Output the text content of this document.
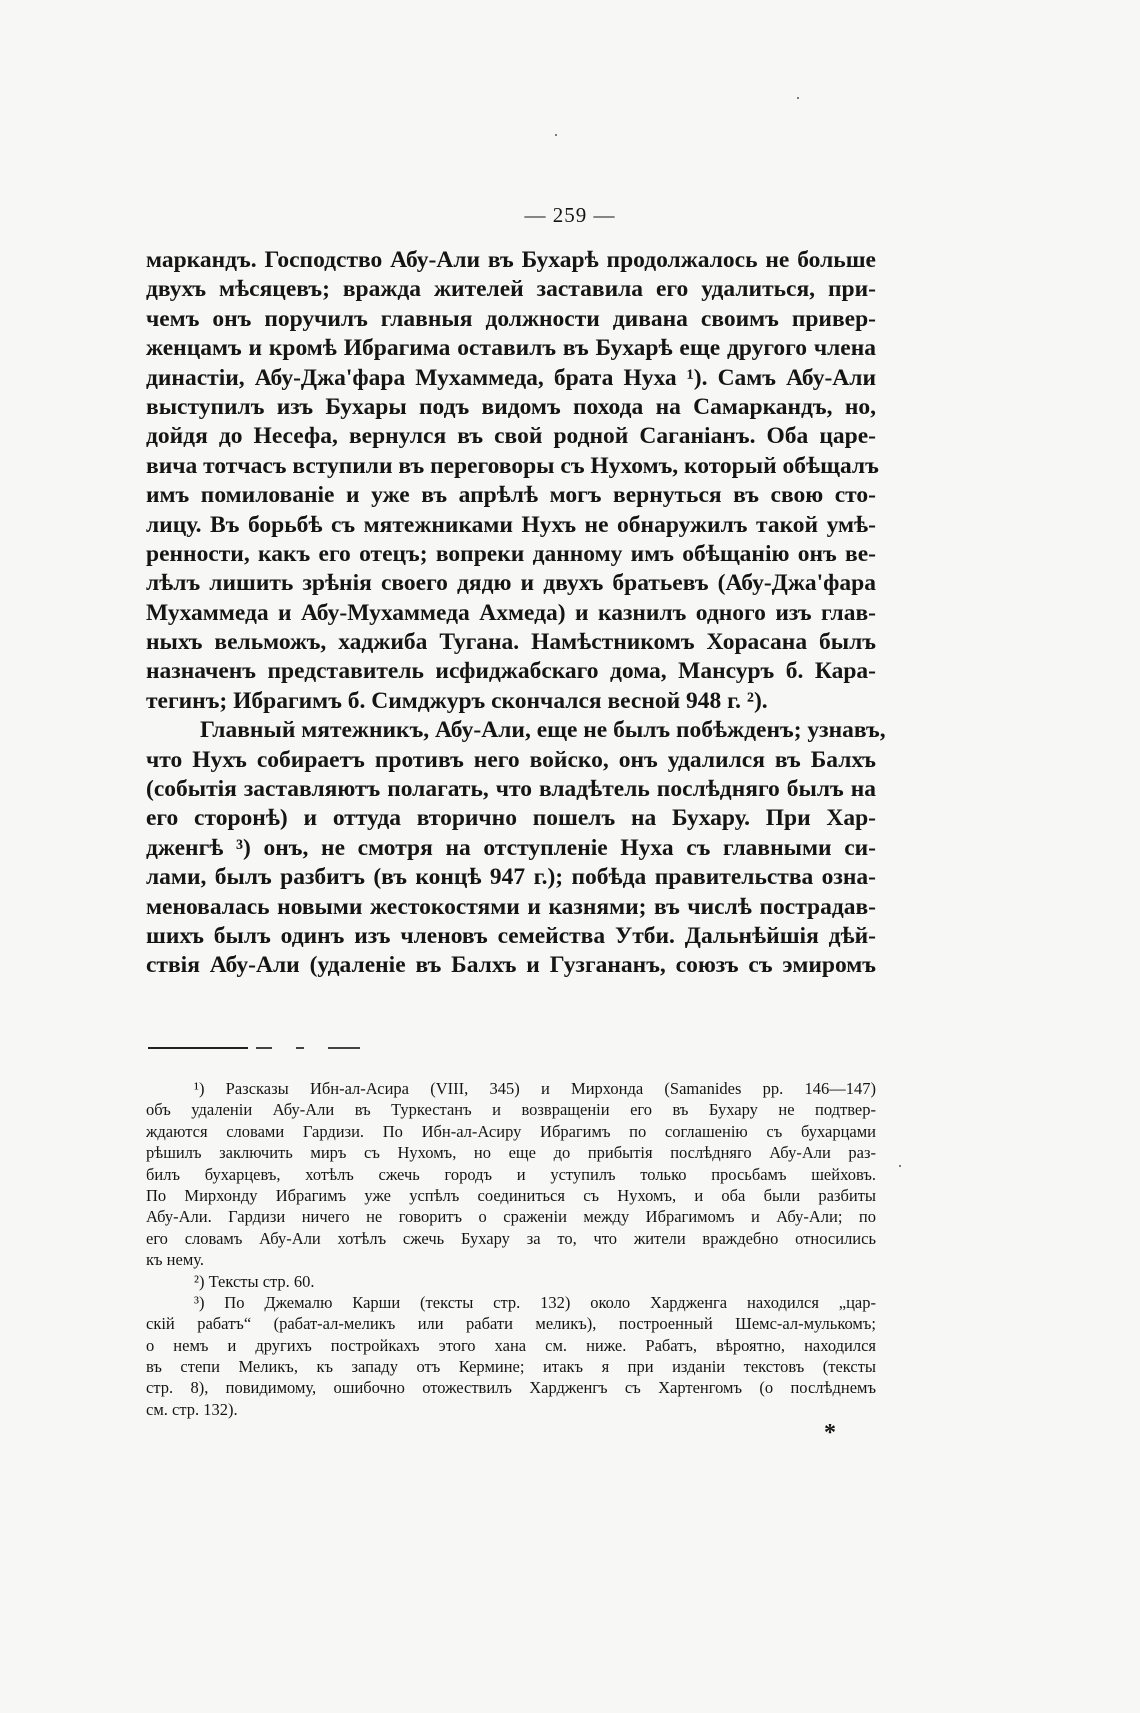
— 259 —
маркандъ. Господство Абу-Али въ Бухарѣ продолжалось не больше
двухъ мѣсяцевъ; вражда жителей заставила его удалиться, при-
чемъ онъ поручилъ главныя должности дивана своимъ привер-
женцамъ и кромѣ Ибрагима оставилъ въ Бухарѣ еще другого члена
династіи, Абу-Джа'фара Мухаммеда, брата Нуха ¹). Самъ Абу-Али
выступилъ изъ Бухары подъ видомъ похода на Самаркандъ, но,
дойдя до Несефа, вернулся въ свой родной Саганіанъ. Оба царе-
вича тотчасъ вступили въ переговоры съ Нухомъ, который обѣщалъ
имъ помилованіе и уже въ апрѣлѣ могъ вернуться въ свою сто-
лицу. Въ борьбѣ съ мятежниками Нухъ не обнаружилъ такой умѣ-
ренности, какъ его отецъ; вопреки данному имъ обѣщанію онъ ве-
лѣлъ лишить зрѣнія своего дядю и двухъ братьевъ (Абу-Джа'фара
Мухаммеда и Абу-Мухаммеда Ахмеда) и казнилъ одного изъ глав-
ныхъ вельможъ, хаджиба Тугана. Намѣстникомъ Хорасана былъ
назначенъ представитель исфиджабскаго дома, Мансуръ б. Кара-
тегинъ; Ибрагимъ б. Симджуръ скончался весной 948 г. ²).
Главный мятежникъ, Абу-Али, еще не былъ побѣжденъ; узнавъ,
что Нухъ собираетъ противъ него войско, онъ удалился въ Балхъ
(событія заставляютъ полагать, что владѣтель послѣдняго былъ на
его сторонѣ) и оттуда вторично пошелъ на Бухару. При Хар-
дженгѣ ³) онъ, не смотря на отступленіе Нуха съ главными си-
лами, былъ разбитъ (въ концѣ 947 г.); побѣда правительства озна-
меновалась новыми жестокостями и казнями; въ числѣ пострадав-
шихъ былъ одинъ изъ членовъ семейства Утби. Дальнѣйшія дѣй-
ствія Абу-Али (удаленіе въ Балхъ и Гузгананъ, союзъ съ эмиромъ
¹) Разсказы Ибн-ал-Асира (VIII, 345) и Мирхонда (Samanides pp. 146—147)
объ удаленіи Абу-Али въ Туркестанъ и возвращеніи его въ Бухару не подтвер-
ждаются словами Гардизи. По Ибн-ал-Асиру Ибрагимъ по соглашенію съ бухарцами
рѣшилъ заключить миръ съ Нухомъ, но еще до прибытія послѣдняго Абу-Али раз-
билъ бухарцевъ, хотѣлъ сжечь городъ и уступилъ только просьбамъ шейховъ.
По Мирхонду Ибрагимъ уже успѣлъ соединиться съ Нухомъ, и оба были разбиты
Абу-Али. Гардизи ничего не говоритъ о сраженіи между Ибрагимомъ и Абу-Али; по
его словамъ Абу-Али хотѣлъ сжечь Бухару за то, что жители враждебно относились
къ нему.
²) Тексты стр. 60.
³) По Джемалю Карши (тексты стр. 132) около Хардженга находился „цар-
скій рабатъ“ (рабат-ал-меликъ или рабати меликъ), построенный Шемс-ал-мулькомъ;
о немъ и другихъ постройкахъ этого хана см. ниже. Рабатъ, вѣроятно, находился
въ степи Меликъ, къ западу отъ Кермине; итакъ я при изданіи текстовъ (тексты
стр. 8), повидимому, ошибочно отожествилъ Хардженгъ съ Хартенгомъ (о послѣднемъ
см. стр. 132).
*
